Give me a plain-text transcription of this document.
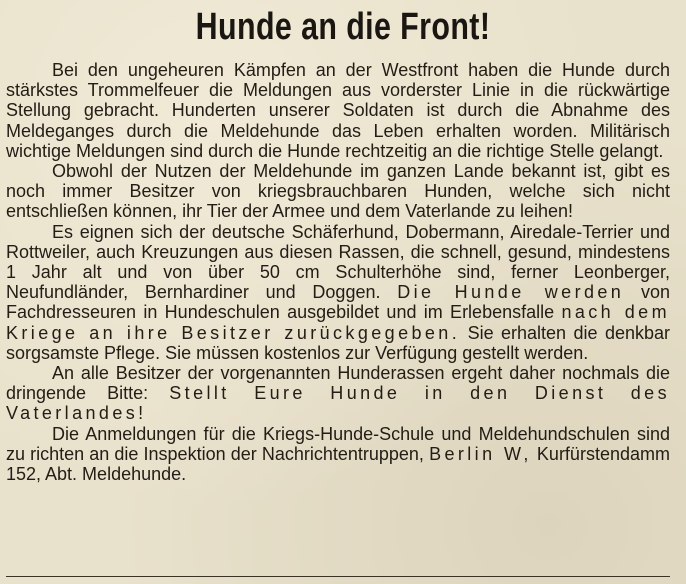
Hunde an die Front!

Bei den ungeheuren Kämpfen an der Westfront haben die Hunde durch stärkstes Trommelfeuer die Meldungen aus vorderster Linie in die rückwärtige Stellung gebracht. Hunderten unserer Soldaten ist durch die Abnahme des Meldeganges durch die Meldehunde das Leben erhalten worden. Militärisch wichtige Meldungen sind durch die Hunde rechtzeitig an die richtige Stelle gelangt.

Obwohl der Nutzen der Meldehunde im ganzen Lande bekannt ist, gibt es noch immer Besitzer von kriegsbrauchbaren Hunden, welche sich nicht entschließen können, ihr Tier der Armee und dem Vaterlande zu leihen!

Es eignen sich der deutsche Schäferhund, Dobermann, Airedale-Terrier und Rottweiler, auch Kreuzungen aus diesen Rassen, die schnell, gesund, mindestens 1 Jahr alt und von über 50 cm Schulterhöhe sind, ferner Leonberger, Neufundländer, Bernhardiner und Doggen. Die Hunde werden von Fachdresseuren in Hundeschulen ausgebildet und im Erlebensfalle nach dem Kriege an ihre Besitzer zurückgegeben. Sie erhalten die denkbar sorgsamste Pflege. Sie müssen kostenlos zur Verfügung gestellt werden.

An alle Besitzer der vorgenannten Hunderassen ergeht daher nochmals die dringende Bitte: Stellt Eure Hunde in den Dienst des Vaterlandes!

Die Anmeldungen für die Kriegs-Hunde-Schule und Meldehundschulen sind zu richten an die Inspektion der Nachrichtentruppen, Berlin W, Kurfürstendamm 152, Abt. Meldehunde.
